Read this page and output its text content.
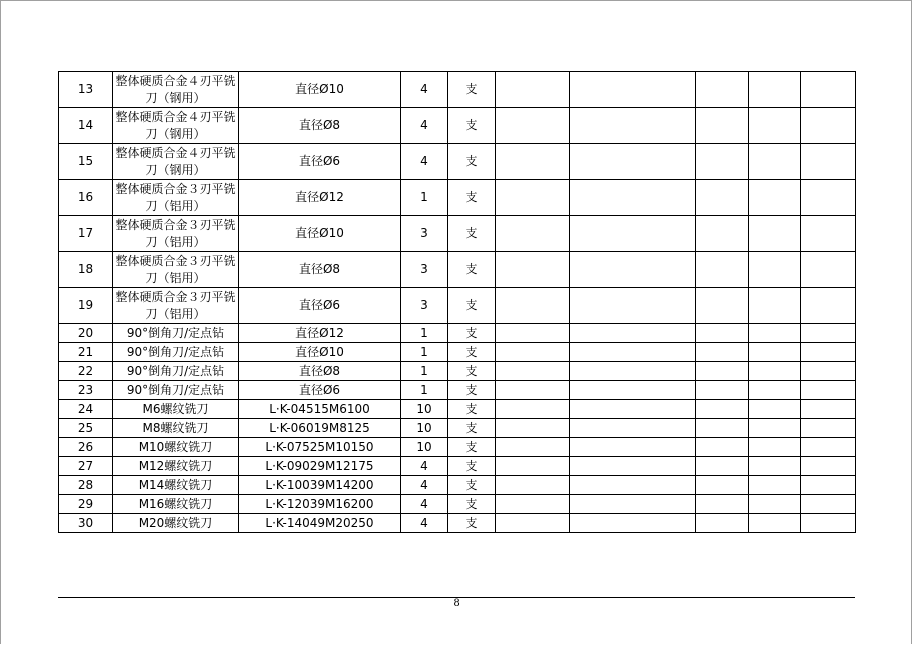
13	整体硬质合金４刃平铣刀（钢用）	直径Ø10	4	支					
14	整体硬质合金４刃平铣刀（钢用）	直径Ø8	4	支					
15	整体硬质合金４刃平铣刀（钢用）	直径Ø6	4	支					
16	整体硬质合金３刃平铣刀（铝用）	直径Ø12	1	支					
17	整体硬质合金３刃平铣刀（铝用）	直径Ø10	3	支					
18	整体硬质合金３刃平铣刀（铝用）	直径Ø8	3	支					
19	整体硬质合金３刃平铣刀（铝用）	直径Ø6	3	支					
20	90°倒角刀/定点钻	直径Ø12	1	支					
21	90°倒角刀/定点钻	直径Ø10	1	支					
22	90°倒角刀/定点钻	直径Ø8	1	支					
23	90°倒角刀/定点钻	直径Ø6	1	支					
24	M6螺纹铣刀	L·K-04515M6100	10	支					
25	M8螺纹铣刀	L·K-06019M8125	10	支					
26	M10螺纹铣刀	L·K-07525M10150	10	支					
27	M12螺纹铣刀	L·K-09029M12175	4	支					
28	M14螺纹铣刀	L·K-10039M14200	4	支					
29	M16螺纹铣刀	L·K-12039M16200	4	支					
30	M20螺纹铣刀	L·K-14049M20250	4	支					
8
